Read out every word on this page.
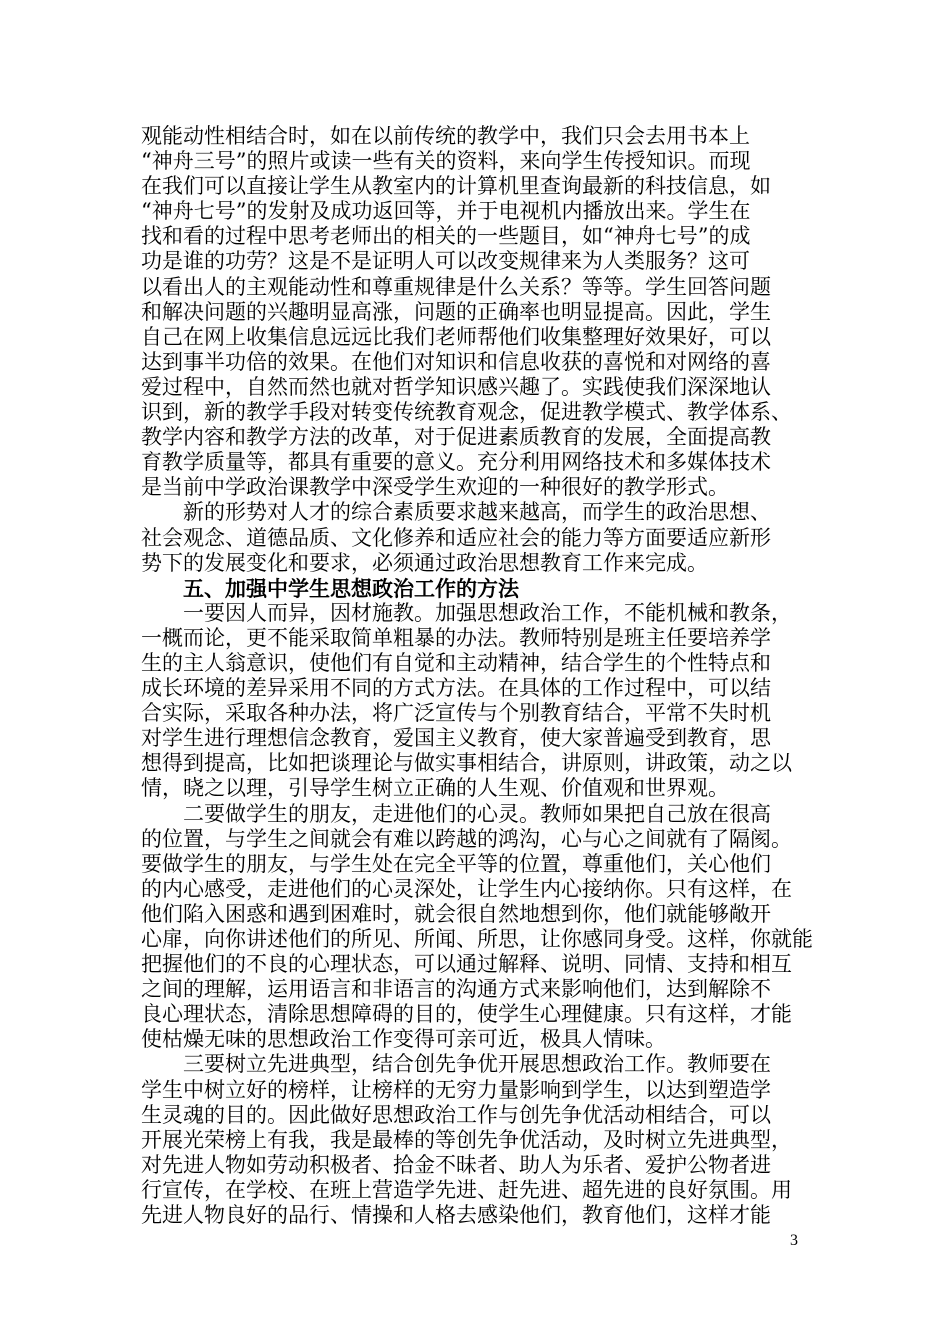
观能动性相结合时，如在以前传统的教学中，我们只会去用书本上
“神舟三号”的照片或读一些有关的资料，来向学生传授知识。而现
在我们可以直接让学生从教室内的计算机里查询最新的科技信息，如
“神舟七号”的发射及成功返回等，并于电视机内播放出来。学生在
找和看的过程中思考老师出的相关的一些题目，如“神舟七号”的成
功是谁的功劳？这是不是证明人可以改变规律来为人类服务？这可
以看出人的主观能动性和尊重规律是什么关系？等等。学生回答问题
和解决问题的兴趣明显高涨，问题的正确率也明显提高。因此，学生
自己在网上收集信息远远比我们老师帮他们收集整理好效果好，可以
达到事半功倍的效果。在他们对知识和信息收获的喜悦和对网络的喜
爱过程中，自然而然也就对哲学知识感兴趣了。实践使我们深深地认
识到，新的教学手段对转变传统教育观念，促进教学模式、教学体系、
教学内容和教学方法的改革，对于促进素质教育的发展，全面提高教
育教学质量等，都具有重要的意义。充分利用网络技术和多媒体技术
是当前中学政治课教学中深受学生欢迎的一种很好的教学形式。
　　新的形势对人才的综合素质要求越来越高，而学生的政治思想、
社会观念、道德品质、文化修养和适应社会的能力等方面要适应新形
势下的发展变化和要求，必须通过政治思想教育工作来完成。
　　五、加强中学生思想政治工作的方法
　　一要因人而异，因材施教。加强思想政治工作，不能机械和教条，
一概而论，更不能采取简单粗暴的办法。教师特别是班主任要培养学
生的主人翁意识，使他们有自觉和主动精神，结合学生的个性特点和
成长环境的差异采用不同的方式方法。在具体的工作过程中，可以结
合实际，采取各种办法，将广泛宣传与个别教育结合，平常不失时机
对学生进行理想信念教育，爱国主义教育，使大家普遍受到教育，思
想得到提高，比如把谈理论与做实事相结合，讲原则，讲政策，动之以
情，晓之以理，引导学生树立正确的人生观、价值观和世界观。
　　二要做学生的朋友，走进他们的心灵。教师如果把自己放在很高
的位置，与学生之间就会有难以跨越的鸿沟，心与心之间就有了隔阂。
要做学生的朋友，与学生处在完全平等的位置，尊重他们，关心他们
的内心感受，走进他们的心灵深处，让学生内心接纳你。只有这样，在
他们陷入困惑和遇到困难时，就会很自然地想到你，他们就能够敞开
心扉，向你讲述他们的所见、所闻、所思，让你感同身受。这样，你就能
把握他们的不良的心理状态，可以通过解释、说明、同情、支持和相互
之间的理解，运用语言和非语言的沟通方式来影响他们，达到解除不
良心理状态，清除思想障碍的目的，使学生心理健康。只有这样，才能
使枯燥无味的思想政治工作变得可亲可近，极具人情味。
　　三要树立先进典型，结合创先争优开展思想政治工作。教师要在
学生中树立好的榜样，让榜样的无穷力量影响到学生，以达到塑造学
生灵魂的目的。因此做好思想政治工作与创先争优活动相结合，可以
开展光荣榜上有我，我是最棒的等创先争优活动，及时树立先进典型，
对先进人物如劳动积极者、拾金不昧者、助人为乐者、爱护公物者进
行宣传，在学校、在班上营造学先进、赶先进、超先进的良好氛围。用
先进人物良好的品行、情操和人格去感染他们，教育他们，这样才能
3
